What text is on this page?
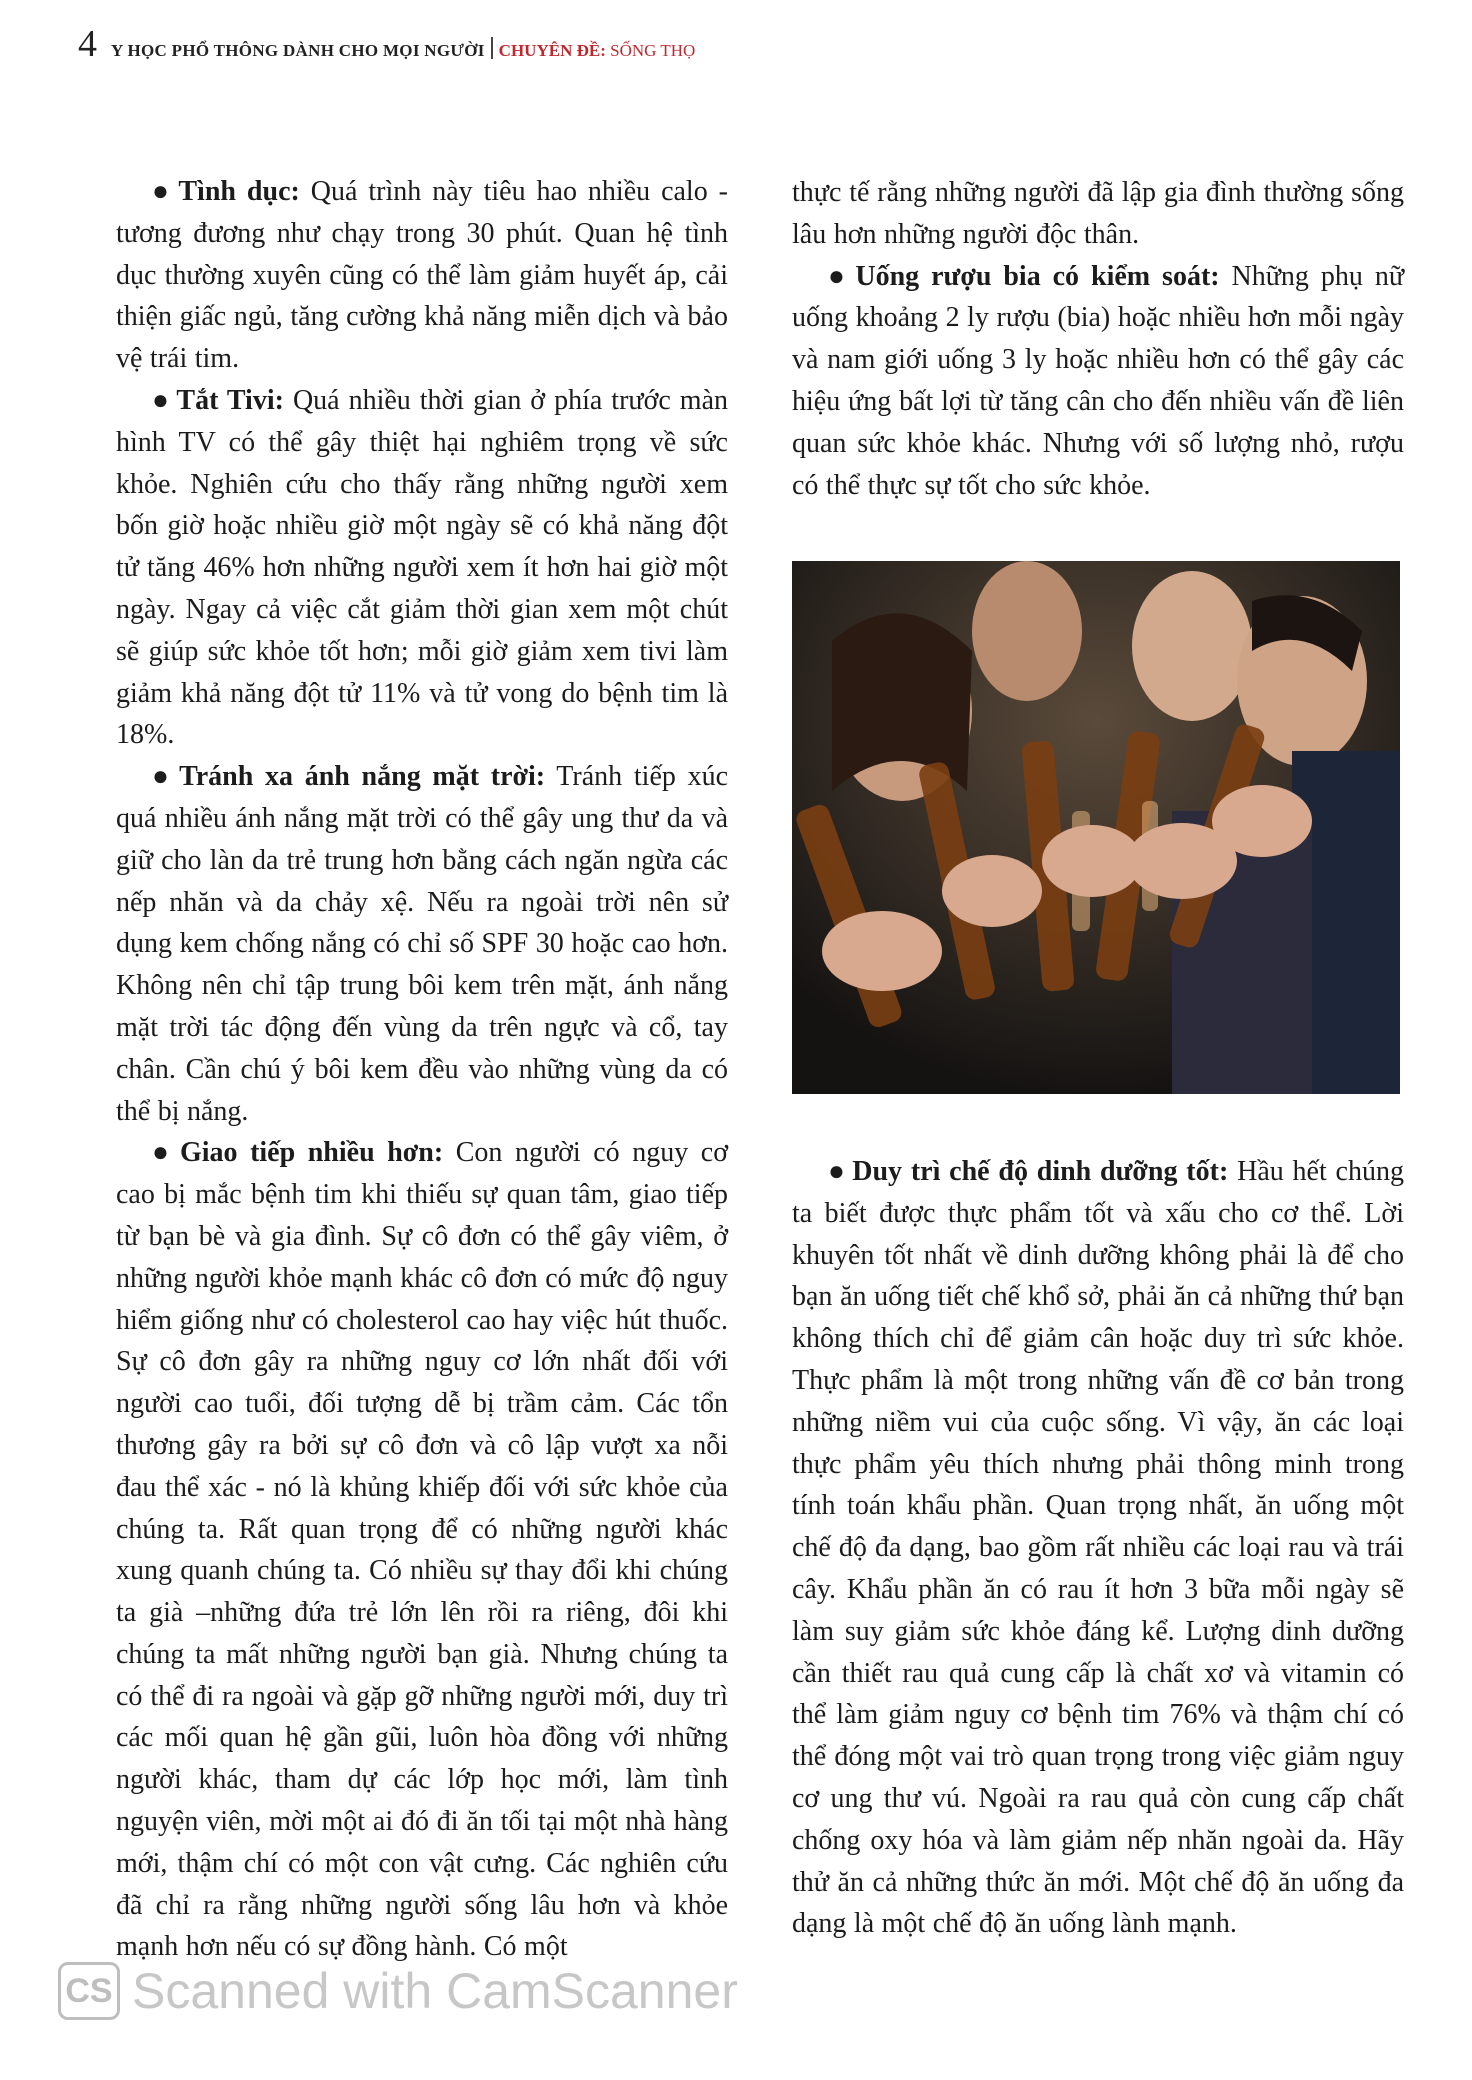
4 Y HỌC PHỔ THÔNG DÀNH CHO MỌI NGƯỜI CHUYÊN ĐỀ: SỐNG THỌ

● Tình dục: Quá trình này tiêu hao nhiều calo - tương đương như chạy trong 30 phút. Quan hệ tình dục thường xuyên cũng có thể làm giảm huyết áp, cải thiện giấc ngủ, tăng cường khả năng miễn dịch và bảo vệ trái tim.

● Tắt Tivi: Quá nhiều thời gian ở phía trước màn hình TV có thể gây thiệt hại nghiêm trọng về sức khỏe. Nghiên cứu cho thấy rằng những người xem bốn giờ hoặc nhiều giờ một ngày sẽ có khả năng đột tử tăng 46% hơn những người xem ít hơn hai giờ một ngày. Ngay cả việc cắt giảm thời gian xem một chút sẽ giúp sức khỏe tốt hơn; mỗi giờ giảm xem tivi làm giảm khả năng đột tử 11% và tử vong do bệnh tim là 18%.

● Tránh xa ánh nắng mặt trời: Tránh tiếp xúc quá nhiều ánh nắng mặt trời có thể gây ung thư da và giữ cho làn da trẻ trung hơn bằng cách ngăn ngừa các nếp nhăn và da chảy xệ. Nếu ra ngoài trời nên sử dụng kem chống nắng có chỉ số SPF 30 hoặc cao hơn. Không nên chỉ tập trung bôi kem trên mặt, ánh nắng mặt trời tác động đến vùng da trên ngực và cổ, tay chân. Cần chú ý bôi kem đều vào những vùng da có thể bị nắng.

● Giao tiếp nhiều hơn: Con người có nguy cơ cao bị mắc bệnh tim khi thiếu sự quan tâm, giao tiếp từ bạn bè và gia đình. Sự cô đơn có thể gây viêm, ở những người khỏe mạnh khác cô đơn có mức độ nguy hiểm giống như có cholesterol cao hay việc hút thuốc. Sự cô đơn gây ra những nguy cơ lớn nhất đối với người cao tuổi, đối tượng dễ bị trầm cảm. Các tổn thương gây ra bởi sự cô đơn và cô lập vượt xa nỗi đau thể xác - nó là khủng khiếp đối với sức khỏe của chúng ta. Rất quan trọng để có những người khác xung quanh chúng ta. Có nhiều sự thay đổi khi chúng ta già –những đứa trẻ lớn lên rồi ra riêng, đôi khi chúng ta mất những người bạn già. Nhưng chúng ta có thể đi ra ngoài và gặp gỡ những người mới, duy trì các mối quan hệ gần gũi, luôn hòa đồng với những người khác, tham dự các lớp học mới, làm tình nguyện viên, mời một ai đó đi ăn tối tại một nhà hàng mới, thậm chí có một con vật cưng. Các nghiên cứu đã chỉ ra rằng những người sống lâu hơn và khỏe mạnh hơn nếu có sự đồng hành. Có một

thực tế rằng những người đã lập gia đình thường sống lâu hơn những người độc thân.

● Uống rượu bia có kiểm soát: Những phụ nữ uống khoảng 2 ly rượu (bia) hoặc nhiều hơn mỗi ngày và nam giới uống 3 ly hoặc nhiều hơn có thể gây các hiệu ứng bất lợi từ tăng cân cho đến nhiều vấn đề liên quan sức khỏe khác. Nhưng với số lượng nhỏ, rượu có thể thực sự tốt cho sức khỏe.

● Duy trì chế độ dinh dưỡng tốt: Hầu hết chúng ta biết được thực phẩm tốt và xấu cho cơ thể. Lời khuyên tốt nhất về dinh dưỡng không phải là để cho bạn ăn uống tiết chế khổ sở, phải ăn cả những thứ bạn không thích chỉ để giảm cân hoặc duy trì sức khỏe. Thực phẩm là một trong những vấn đề cơ bản trong những niềm vui của cuộc sống. Vì vậy, ăn các loại thực phẩm yêu thích nhưng phải thông minh trong tính toán khẩu phần. Quan trọng nhất, ăn uống một chế độ đa dạng, bao gồm rất nhiều các loại rau và trái cây. Khẩu phần ăn có rau ít hơn 3 bữa mỗi ngày sẽ làm suy giảm sức khỏe đáng kể. Lượng dinh dưỡng cần thiết rau quả cung cấp là chất xơ và vitamin có thể làm giảm nguy cơ bệnh tim 76% và thậm chí có thể đóng một vai trò quan trọng trong việc giảm nguy cơ ung thư vú. Ngoài ra rau quả còn cung cấp chất chống oxy hóa và làm giảm nếp nhăn ngoài da. Hãy thử ăn cả những thức ăn mới. Một chế độ ăn uống đa dạng là một chế độ ăn uống lành mạnh.

CS Scanned with CamScanner
